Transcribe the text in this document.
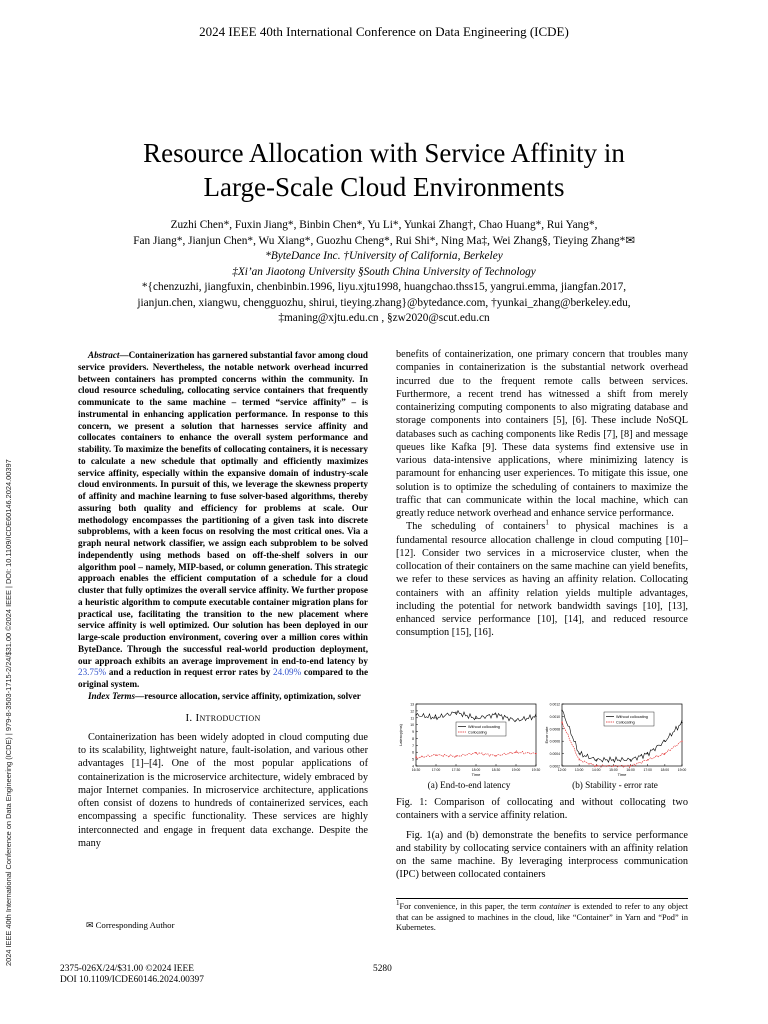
2024 IEEE 40th International Conference on Data Engineering (ICDE)
2024 IEEE 40th International Conference on Data Engineering (ICDE) | 979-8-3503-1715-2/24/$31.00 ©2024 IEEE | DOI: 10.1109/ICDE60146.2024.00397
Resource Allocation with Service Affinity in
Large-Scale Cloud Environments
Zuzhi Chen*, Fuxin Jiang*, Binbin Chen*, Yu Li*, Yunkai Zhang†, Chao Huang*, Rui Yang*,
Fan Jiang*, Jianjun Chen*, Wu Xiang*, Guozhu Cheng*, Rui Shi*, Ning Ma‡, Wei Zhang§, Tieying Zhang*✉
*ByteDance Inc. †University of California, Berkeley
‡Xi’an Jiaotong University §South China University of Technology
*{chenzuzhi, jiangfuxin, chenbinbin.1996, liyu.xjtu1998, huangchao.thss15, yangrui.emma, jiangfan.2017,
jianjun.chen, xiangwu, chengguozhu, shirui, tieying.zhang}@bytedance.com, †yunkai_zhang@berkeley.edu,
‡maning@xjtu.edu.cn , §zw2020@scut.edu.cn

Abstract—Containerization has garnered substantial favor among cloud service providers. Nevertheless, the notable network overhead incurred between containers has prompted concerns within the community. In cloud resource scheduling, collocating service containers that frequently communicate to the same machine – termed “service affinity” – is instrumental in enhancing application performance. In response to this concern, we present a solution that harnesses service affinity and collocates containers to enhance the overall system performance and stability. To maximize the benefits of collocating containers, it is necessary to calculate a new schedule that optimally and efficiently maximizes service affinity, especially within the expansive domain of industry-scale cloud environments. In pursuit of this, we leverage the skewness property of affinity and machine learning to fuse solver-based algorithms, thereby assuring both quality and efficiency for problems at scale. Our methodology encompasses the partitioning of a given task into discrete subproblems, with a keen focus on resolving the most critical ones. Via a graph neural network classifier, we assign each subproblem to be solved independently using methods based on off-the-shelf solvers in our algorithm pool – namely, MIP-based, or column generation. This strategic approach enables the efficient computation of a schedule for a cloud cluster that fully optimizes the overall service affinity. We further propose a heuristic algorithm to compute executable container migration plans for practical use, facilitating the transition to the new placement where service affinity is well optimized. Our solution has been deployed in our large-scale production environment, covering over a million cores within ByteDance. Through the successful real-world production deployment, our approach exhibits an average improvement in end-to-end latency by 23.75% and a reduction in request error rates by 24.09% compared to the original system.

Index Terms—resource allocation, service affinity, optimization, solver

I. Introduction

Containerization has been widely adopted in cloud computing due to its scalability, lightweight nature, fault-isolation, and various other advantages [1]–[4]. One of the most popular applications of containerization is the microservice architecture, widely embraced by major Internet companies. In microservice architecture, applications often consist of dozens to hundreds of containerized services, each encompassing a specific functionality. These services are highly interconnected and engage in frequent data exchange. Despite the many

✉ Corresponding Author

benefits of containerization, one primary concern that troubles many companies in containerization is the substantial network overhead incurred due to the frequent remote calls between services. Furthermore, a recent trend has witnessed a shift from merely containerizing computing components to also migrating database and storage components into containers [5], [6]. These include NoSQL databases such as caching components like Redis [7], [8] and message queues like Kafka [9]. These data systems find extensive use in various data-intensive applications, where minimizing latency is paramount for enhancing user experiences. To mitigate this issue, one solution is to optimize the scheduling of containers to maximize the traffic that can communicate within the local machine, which can greatly reduce network overhead and enhance service performance.

The scheduling of containers$^1$ to physical machines is a fundamental resource allocation challenge in cloud computing [10]–[12]. Consider two services in a microservice cluster, when the collocation of their containers on the same machine can yield benefits, we refer to these services as having an affinity relation. Collocating containers with an affinity relation yields multiple advantages, including the potential for network bandwidth savings [10], [13], enhanced service performance [10], [14], and reduced resource consumption [15], [16].

13
12
11
10
9
8
7
6
5
4
16:30	17:00	17:30	18:00	18:30	19:00	19:30
Time
Latency(ms)	Without collocating
Collocating
0.0012
0.0010
0.0008
0.0006
0.0004
0.0002
12:00	13:00	14:00	15:00	16:00	17:00	18:00	19:00
Time
Error rate
Without collocating
Collocating
(a) End-to-end latency	(b) Stability - error rate

Fig. 1: Comparison of collocating and without collocating two containers with a service affinity relation.

Fig. 1(a) and (b) demonstrate the benefits to service performance and stability by collocating service containers with an affinity relation on the same machine. By leveraging interprocess communication (IPC) between collocated containers

$^1$For convenience, in this paper, the term container is extended to refer to any object that can be assigned to machines in the cloud, like “Container” in Yarn and “Pod” in Kubernetes.
2375-026X/24/$31.00 ©2024 IEEE
DOI 10.1109/ICDE60146.2024.00397
5280
